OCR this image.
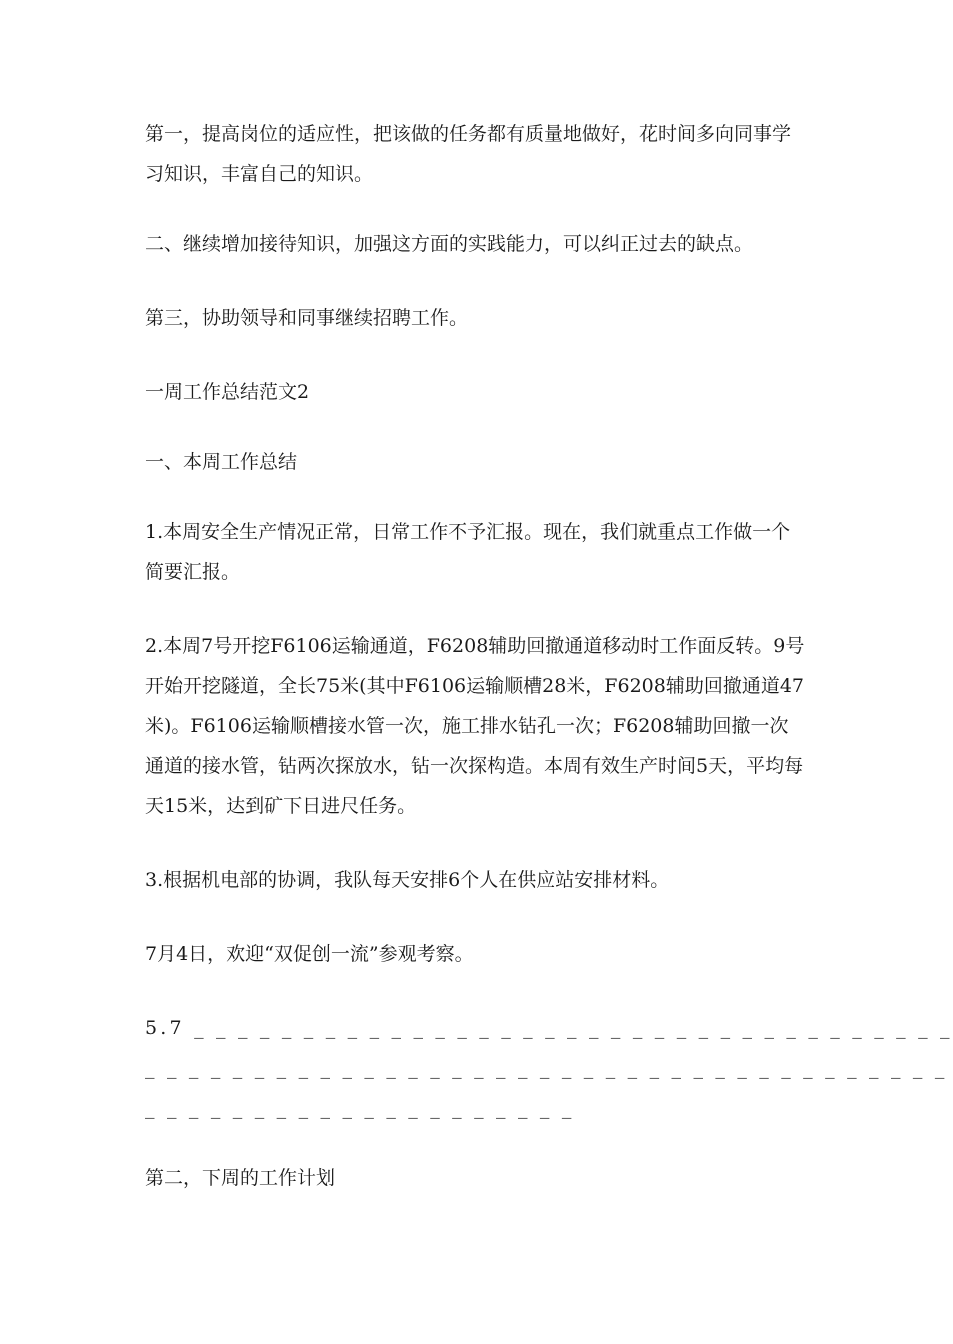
第一，提高岗位的适应性，把该做的任务都有质量地做好，花时间多向同事学习知识，丰富自己的知识。

二、继续增加接待知识，加强这方面的实践能力，可以纠正过去的缺点。

第三，协助领导和同事继续招聘工作。

一周工作总结范文2

一、本周工作总结

1.本周安全生产情况正常，日常工作不予汇报。现在，我们就重点工作做一个简要汇报。

2.本周7号开挖F6106运输通道，F6208辅助回撤通道移动时工作面反转。9号开始开挖隧道，全长75米(其中F6106运输顺槽28米，F6208辅助回撤通道47米)。F6106运输顺槽接水管一次，施工排水钻孔一次；F6208辅助回撤一次通道的接水管，钻两次探放水，钻一次探构造。本周有效生产时间5天，平均每天15米，达到矿下日进尺任务。

3.根据机电部的协调，我队每天安排6个人在供应站安排材料。

7月4日，欢迎“双促创一流”参观考察。

5.7 _ _ _ _ _ _ _ _ _ _ _ _ _ _ _ _ _ _ _ _ _ _ _ _ _ _ _ _ _ _ _ _ _ _ _
_ _ _ _ _ _ _ _ _ _ _ _ _ _ _ _ _ _ _ _ _ _ _ _ _ _ _ _ _ _ _ _ _ _ _ _ _
_ _ _ _ _ _ _ _ _ _ _ _ _ _ _ _ _ _ _ _

第二，下周的工作计划
